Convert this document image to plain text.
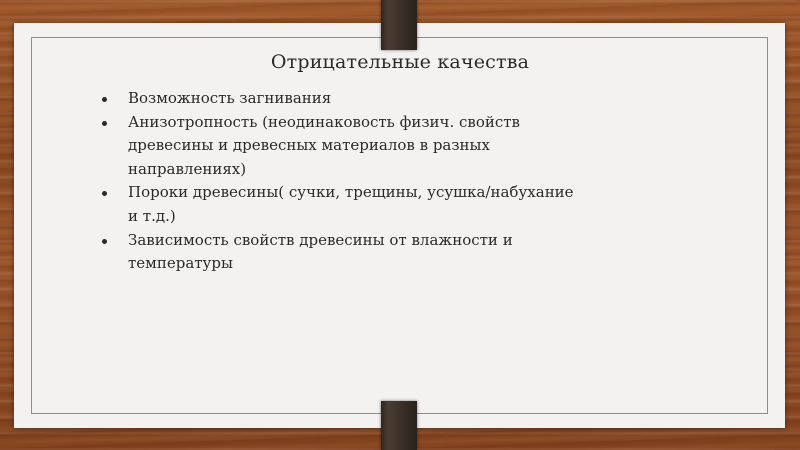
Отрицательные качества
Возможность загнивания
Анизотропность (неодинаковость физич. свойств древесины и древесных материалов в разных направлениях)
Пороки древесины( сучки, трещины, усушка/набухание и т.д.)
Зависимость свойств древесины от влажности и температуры
